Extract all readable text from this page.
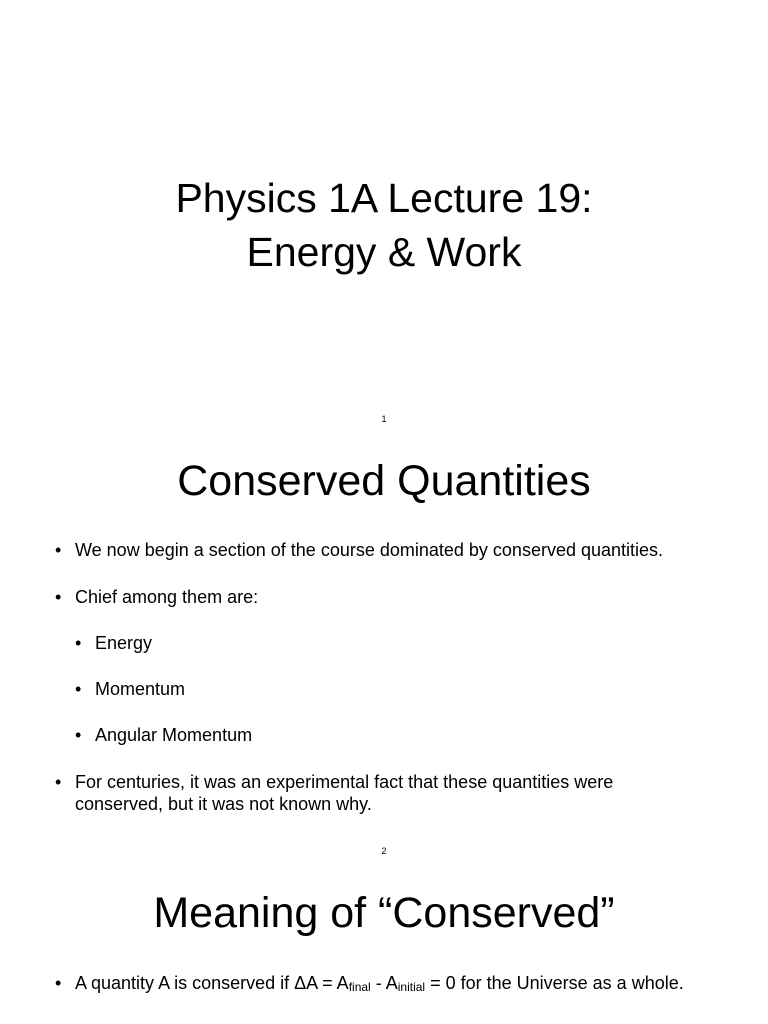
Physics 1A Lecture 19:
Energy & Work
1
Conserved Quantities

• We now begin a section of the course dominated by conserved quantities.

• Chief among them are:

• Energy

• Momentum

• Angular Momentum

• For centuries, it was an experimental fact that these quantities were conserved, but it was not known why.

2
Meaning of “Conserved”

• A quantity A is conserved if $\Delta A = A_{final} - A_{initial} = 0$ for the Universe as a whole.
